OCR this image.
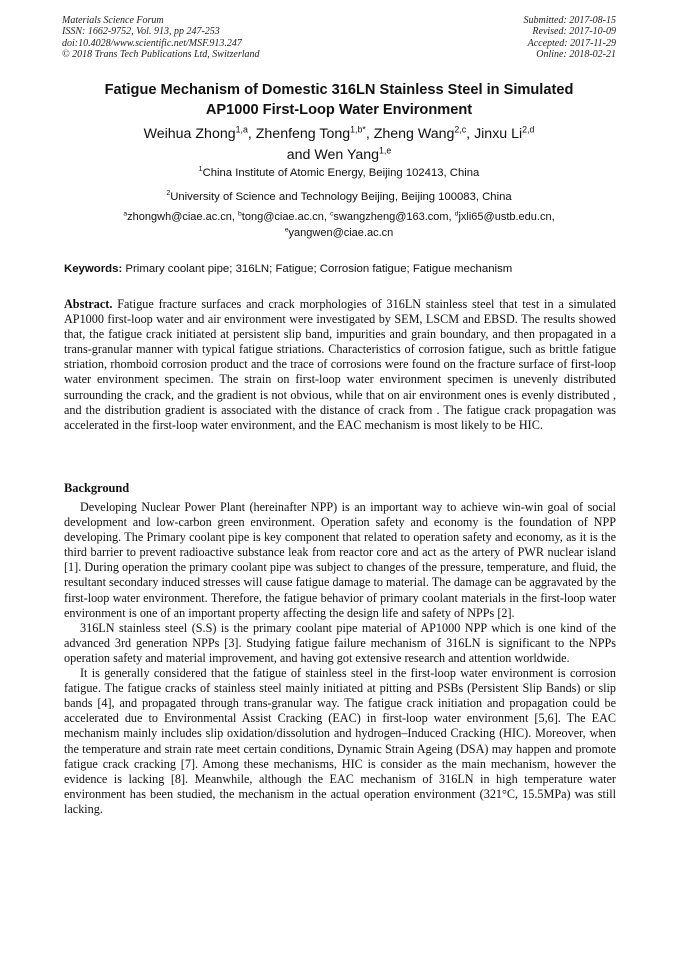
Materials Science Forum
ISSN: 1662-9752, Vol. 913, pp 247-253
doi:10.4028/www.scientific.net/MSF.913.247
© 2018 Trans Tech Publications Ltd, Switzerland
Submitted: 2017-08-15
Revised: 2017-10-09
Accepted: 2017-11-29
Online: 2018-02-21
Fatigue Mechanism of Domestic 316LN Stainless Steel in Simulated
AP1000 First-Loop Water Environment
Weihua Zhong$^{1,a}$, Zhenfeng Tong$^{1,b*}$, Zheng Wang$^{2,c}$, Jinxu Li$^{2,d}$
and Wen Yang$^{1,e}$
$^1$China Institute of Atomic Energy, Beijing 102413, China
$^2$University of Science and Technology Beijing, Beijing 100083, China
$^a$zhongwh@ciae.ac.cn, $^b$tong@ciae.ac.cn, $^c$swangzheng@163.com, $^d$jxli65@ustb.edu.cn,
$^e$yangwen@ciae.ac.cn
Keywords: Primary coolant pipe; 316LN; Fatigue; Corrosion fatigue; Fatigue mechanism
Abstract. Fatigue fracture surfaces and crack morphologies of 316LN stainless steel that test in a simulated AP1000 first-loop water and air environment were investigated by SEM, LSCM and EBSD. The results showed that, the fatigue crack initiated at persistent slip band, impurities and grain boundary, and then propagated in a trans-granular manner with typical fatigue striations. Characteristics of corrosion fatigue, such as brittle fatigue striation, rhomboid corrosion product and the trace of corrosions were found on the fracture surface of first-loop water environment specimen. The strain on first-loop water environment specimen is unevenly distributed surrounding the crack, and the gradient is not obvious, while that on air environment ones is evenly distributed , and the distribution gradient is associated with the distance of crack from . The fatigue crack propagation was accelerated in the first-loop water environment, and the EAC mechanism is most likely to be HIC.
Background

Developing Nuclear Power Plant (hereinafter NPP) is an important way to achieve win-win goal of social development and low-carbon green environment. Operation safety and economy is the foundation of NPP developing. The Primary coolant pipe is key component that related to operation safety and economy, as it is the third barrier to prevent radioactive substance leak from reactor core and act as the artery of PWR nuclear island [1]. During operation the primary coolant pipe was subject to changes of the pressure, temperature, and fluid, the resultant secondary induced stresses will cause fatigue damage to material. The damage can be aggravated by the first-loop water environment. Therefore, the fatigue behavior of primary coolant materials in the first-loop water environment is one of an important property affecting the design life and safety of NPPs [2].

316LN stainless steel (S.S) is the primary coolant pipe material of AP1000 NPP which is one kind of the advanced 3rd generation NPPs [3]. Studying fatigue failure mechanism of 316LN is significant to the NPPs operation safety and material improvement, and having got extensive research and attention worldwide.

It is generally considered that the fatigue of stainless steel in the first-loop water environment is corrosion fatigue. The fatigue cracks of stainless steel mainly initiated at pitting and PSBs (Persistent Slip Bands) or slip bands [4], and propagated through trans-granular way. The fatigue crack initiation and propagation could be accelerated due to Environmental Assist Cracking (EAC) in first-loop water environment [5,6]. The EAC mechanism mainly includes slip oxidation/dissolution and hydrogen–Induced Cracking (HIC). Moreover, when the temperature and strain rate meet certain conditions, Dynamic Strain Ageing (DSA) may happen and promote fatigue crack cracking [7]. Among these mechanisms, HIC is consider as the main mechanism, however the evidence is lacking [8]. Meanwhile, although the EAC mechanism of 316LN in high temperature water environment has been studied, the mechanism in the actual operation environment (321°C, 15.5MPa) was still lacking.
